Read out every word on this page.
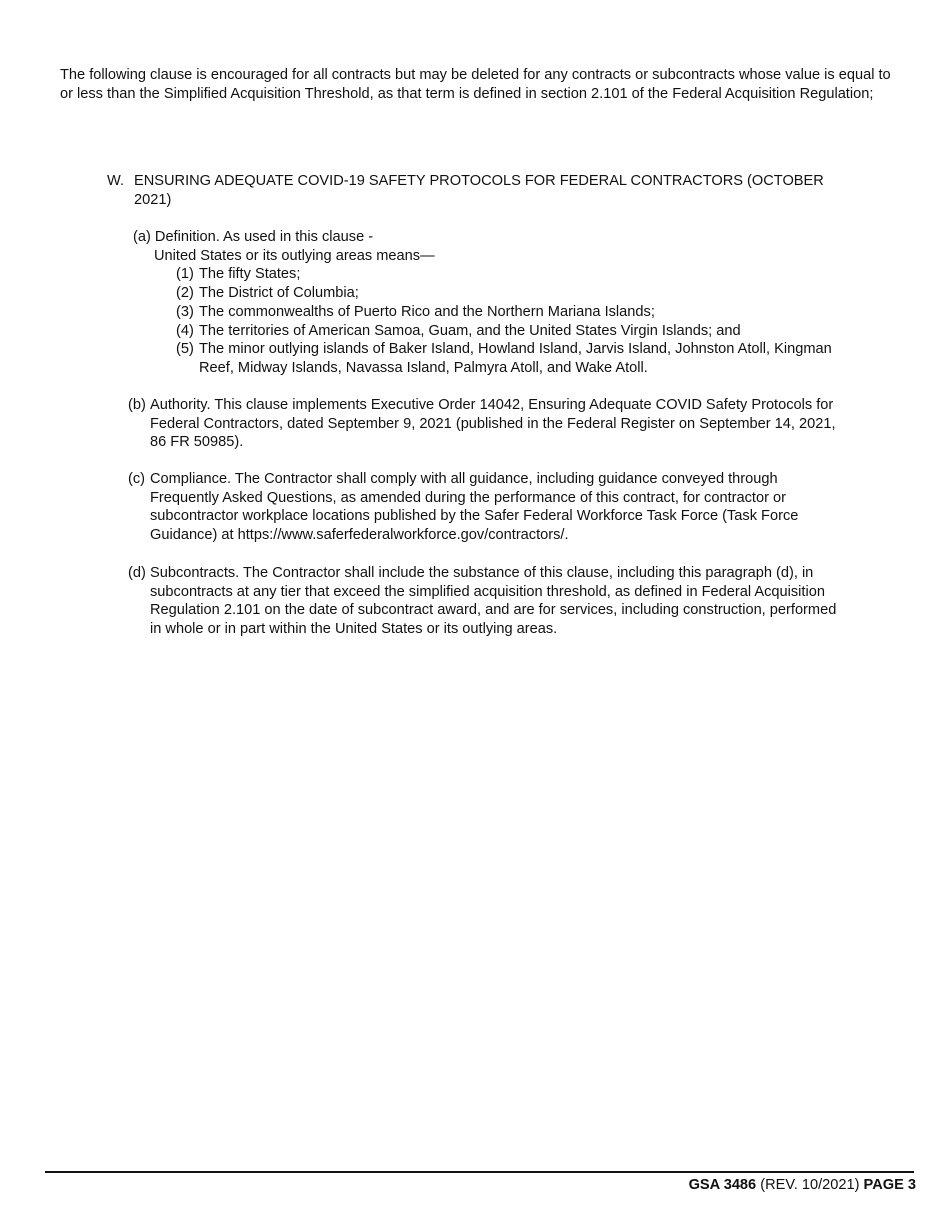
The following clause is encouraged for all contracts but may be deleted for any contracts or subcontracts whose value is equal to or less than the Simplified Acquisition Threshold, as that term is defined in section 2.101 of the Federal Acquisition Regulation;

W. ENSURING ADEQUATE COVID-19 SAFETY PROTOCOLS FOR FEDERAL CONTRACTORS (OCTOBER 2021)
(a) Definition. As used in this clause -
United States or its outlying areas means—
(1) The fifty States;
(2) The District of Columbia;
(3) The commonwealths of Puerto Rico and the Northern Mariana Islands;
(4) The territories of American Samoa, Guam, and the United States Virgin Islands; and
(5) The minor outlying islands of Baker Island, Howland Island, Jarvis Island, Johnston Atoll, Kingman Reef, Midway Islands, Navassa Island, Palmyra Atoll, and Wake Atoll.
(b) Authority. This clause implements Executive Order 14042, Ensuring Adequate COVID Safety Protocols for Federal Contractors, dated September 9, 2021 (published in the Federal Register on September 14, 2021, 86 FR 50985).
(c) Compliance. The Contractor shall comply with all guidance, including guidance conveyed through Frequently Asked Questions, as amended during the performance of this contract, for contractor or subcontractor workplace locations published by the Safer Federal Workforce Task Force (Task Force Guidance) at https://www.saferfederalworkforce.gov/contractors/.
(d) Subcontracts. The Contractor shall include the substance of this clause, including this paragraph (d), in subcontracts at any tier that exceed the simplified acquisition threshold, as defined in Federal Acquisition Regulation 2.101 on the date of subcontract award, and are for services, including construction, performed in whole or in part within the United States or its outlying areas.
GSA 3486 (REV. 10/2021) PAGE 3
